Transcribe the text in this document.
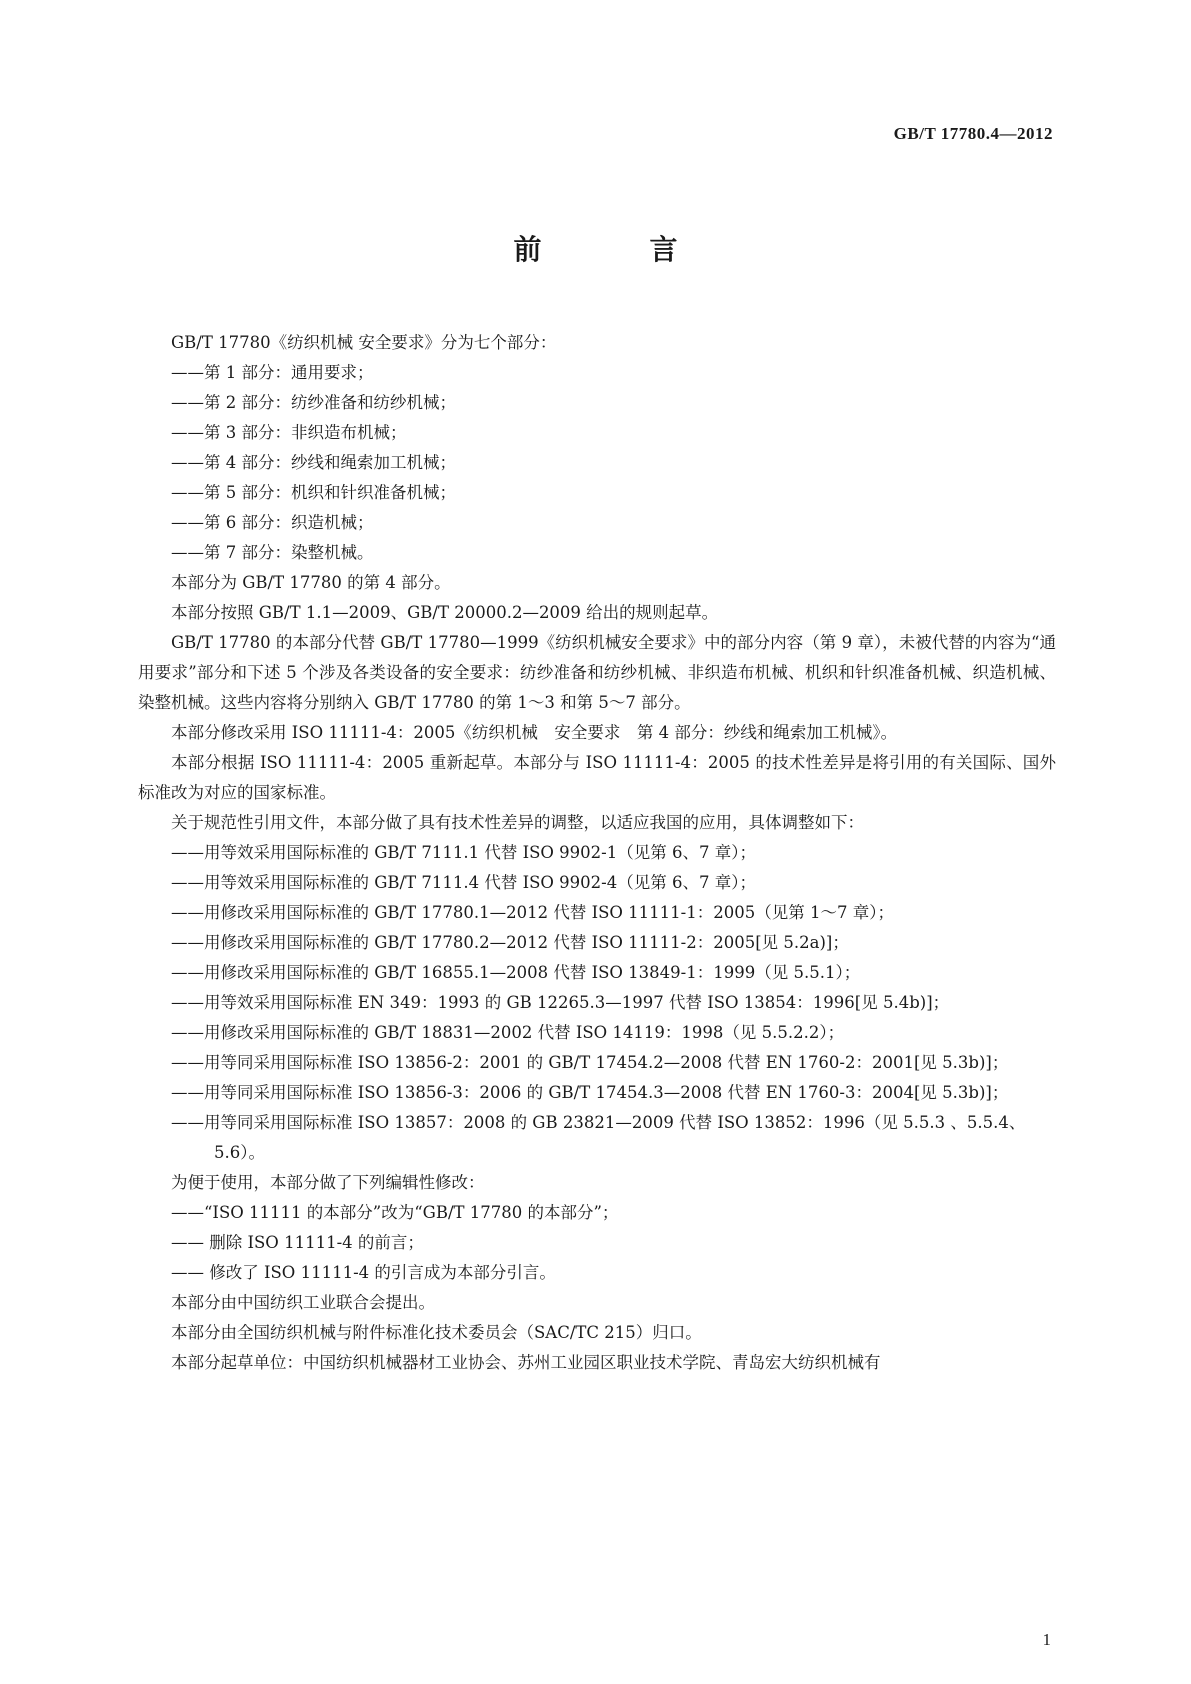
GB/T 17780.4—2012
前　言

GB/T 17780《纺织机械 安全要求》分为七个部分：

——第 1 部分：通用要求；

——第 2 部分：纺纱准备和纺纱机械；

——第 3 部分：非织造布机械；

——第 4 部分：纱线和绳索加工机械；

——第 5 部分：机织和针织准备机械；

——第 6 部分：织造机械；

——第 7 部分：染整机械。

本部分为 GB/T 17780 的第 4 部分。

本部分按照 GB/T 1.1—2009、GB/T 20000.2—2009 给出的规则起草。

GB/T 17780 的本部分代替 GB/T 17780—1999《纺织机械安全要求》中的部分内容（第 9 章），未被代替的内容为“通用要求”部分和下述 5 个涉及各类设备的安全要求：纺纱准备和纺纱机械、非织造布机械、机织和针织准备机械、织造机械、染整机械。这些内容将分别纳入 GB/T 17780 的第 1～3 和第 5～7 部分。

本部分修改采用 ISO 11111-4：2005《纺织机械　安全要求　第 4 部分：纱线和绳索加工机械》。

本部分根据 ISO 11111-4：2005 重新起草。本部分与 ISO 11111-4：2005 的技术性差异是将引用的有关国际、国外标准改为对应的国家标准。

关于规范性引用文件，本部分做了具有技术性差异的调整，以适应我国的应用，具体调整如下：

——用等效采用国际标准的 GB/T 7111.1 代替 ISO 9902-1（见第 6、7 章）；

——用等效采用国际标准的 GB/T 7111.4 代替 ISO 9902-4（见第 6、7 章）；

——用修改采用国际标准的 GB/T 17780.1—2012 代替 ISO 11111-1：2005（见第 1～7 章）；

——用修改采用国际标准的 GB/T 17780.2—2012 代替 ISO 11111-2：2005[见 5.2a)]；

——用修改采用国际标准的 GB/T 16855.1—2008 代替 ISO 13849-1：1999（见 5.5.1）；

——用等效采用国际标准 EN 349：1993 的 GB 12265.3—1997 代替 ISO 13854：1996[见 5.4b)]；

——用修改采用国际标准的 GB/T 18831—2002 代替 ISO 14119：1998（见 5.5.2.2）；

——用等同采用国际标准 ISO 13856-2：2001 的 GB/T 17454.2—2008 代替 EN 1760-2：2001[见 5.3b)]；

——用等同采用国际标准 ISO 13856-3：2006 的 GB/T 17454.3—2008 代替 EN 1760-3：2004[见 5.3b)]；

——用等同采用国际标准 ISO 13857：2008 的 GB 23821—2009 代替 ISO 13852：1996（见 5.5.3 、5.5.4、5.6）。

为便于使用，本部分做了下列编辑性修改：

——“ISO 11111 的本部分”改为“GB/T 17780 的本部分”；

—— 删除 ISO 11111-4 的前言；

—— 修改了 ISO 11111-4 的引言成为本部分引言。

本部分由中国纺织工业联合会提出。

本部分由全国纺织机械与附件标准化技术委员会（SAC/TC 215）归口。

本部分起草单位：中国纺织机械器材工业协会、苏州工业园区职业技术学院、青岛宏大纺织机械有

1
